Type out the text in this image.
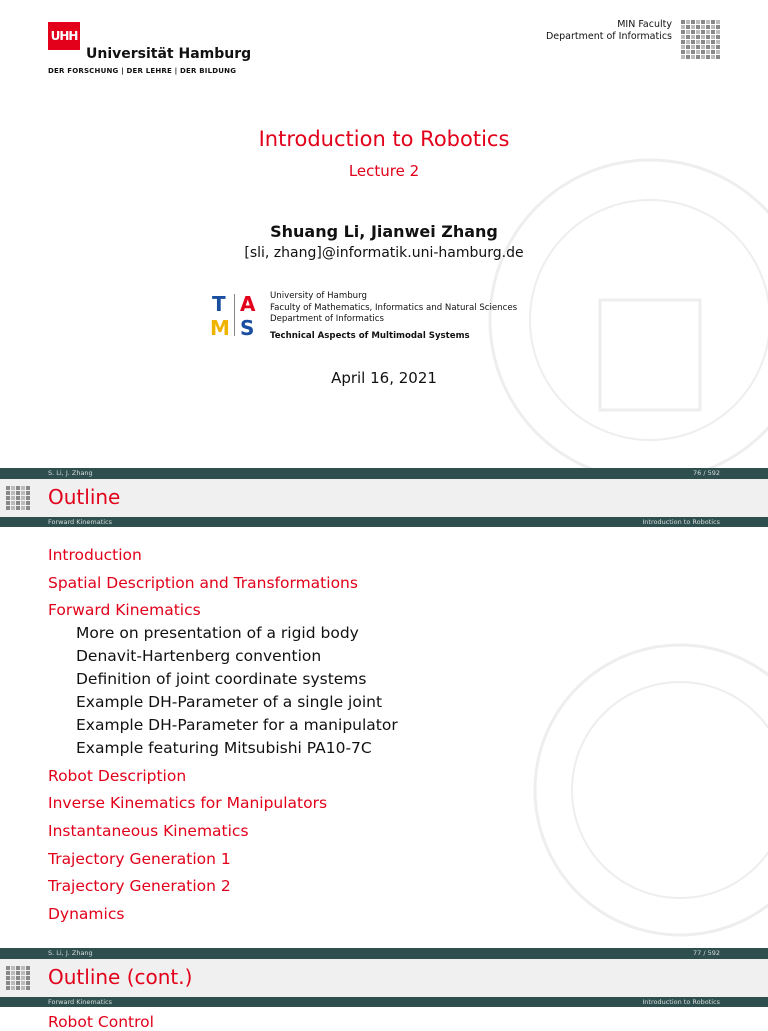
UHH
Universität Hamburg
DER FORSCHUNG | DER LEHRE | DER BILDUNG
MIN Faculty
Department of Informatics
Introduction to Robotics
Lecture 2
Shuang Li, Jianwei Zhang
[sli, zhang]@informatik.uni-hamburg.de
T A
M S
University of Hamburg
Faculty of Mathematics, Informatics and Natural Sciences
Department of Informatics
Technical Aspects of Multimodal Systems
April 16, 2021
S. Li, J. Zhang	76 / 592
Outline
Forward Kinematics	Introduction to Robotics
Introduction
Spatial Description and Transformations
Forward Kinematics
More on presentation of a rigid body
Denavit-Hartenberg convention
Definition of joint coordinate systems
Example DH-Parameter of a single joint
Example DH-Parameter for a manipulator
Example featuring Mitsubishi PA10-7C
Robot Description
Inverse Kinematics for Manipulators
Instantaneous Kinematics
Trajectory Generation 1
Trajectory Generation 2
Dynamics
S. Li, J. Zhang	77 / 592
Outline (cont.)
Forward Kinematics	Introduction to Robotics
Robot Control
